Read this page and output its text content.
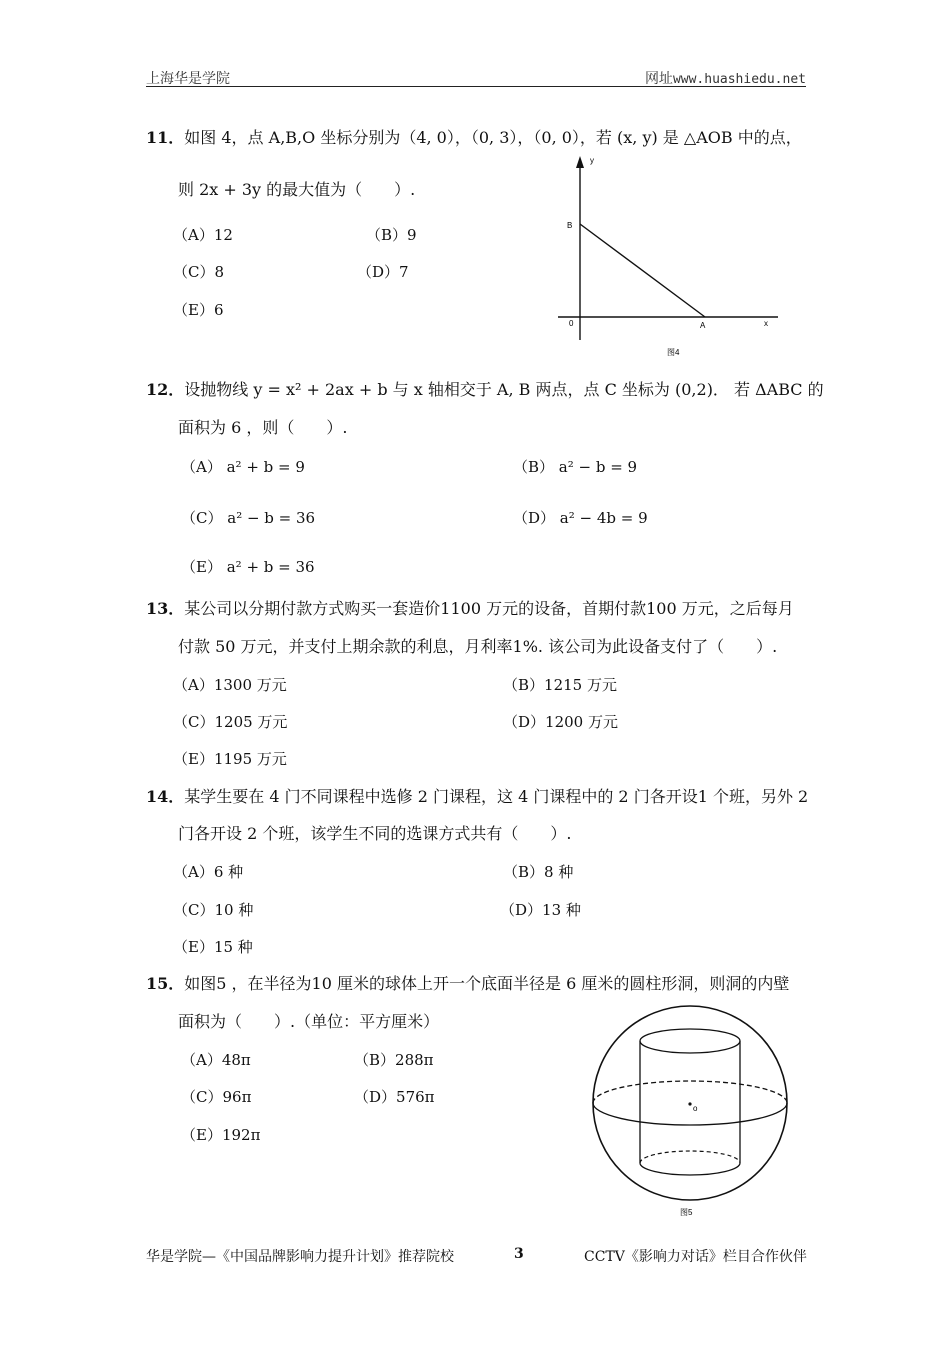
上海华是学院	网址www.huashiedu.net
11．如图 4，点 A,B,O 坐标分别为（4, 0），（0, 3），（0, 0），若 (x, y) 是 △AOB 中的点，
则 2x + 3y 的最大值为（　　）.
（A）12	（B）9
（C）8	（D）7
（E）6
y
B
0	A	x
图4
12．设抛物线 y = x² + 2ax + b 与 x 轴相交于 A, B 两点，点 C 坐标为 (0,2)． 若 ΔABC 的
面积为 6 ，则（　　）.
（A） a² + b = 9	（B） a² − b = 9
（C） a² − b = 36	（D） a² − 4b = 9
（E） a² + b = 36
13．某公司以分期付款方式购买一套造价1100 万元的设备，首期付款100 万元，之后每月
付款 50 万元，并支付上期余款的利息，月利率1%. 该公司为此设备支付了（　　）.
（A）1300 万元	（B）1215 万元
（C）1205 万元	（D）1200 万元
（E）1195 万元
14．某学生要在 4 门不同课程中选修 2 门课程，这 4 门课程中的 2 门各开设1 个班，另外 2
门各开设 2 个班，该学生不同的选课方式共有（　　）.
（A）6 种	（B）8 种
（C）10 种	（D）13 种
（E）15 种
15．如图5 ，在半径为10 厘米的球体上开一个底面半径是 6 厘米的圆柱形洞，则洞的内壁
面积为（　　）.（单位：平方厘米）
（A）48π	（B）288π
（C）96π	（D）576π
（E）192π
o
图5
华是学院—《中国品牌影响力提升计划》推荐院校	3	CCTV《影响力对话》栏目合作伙伴
